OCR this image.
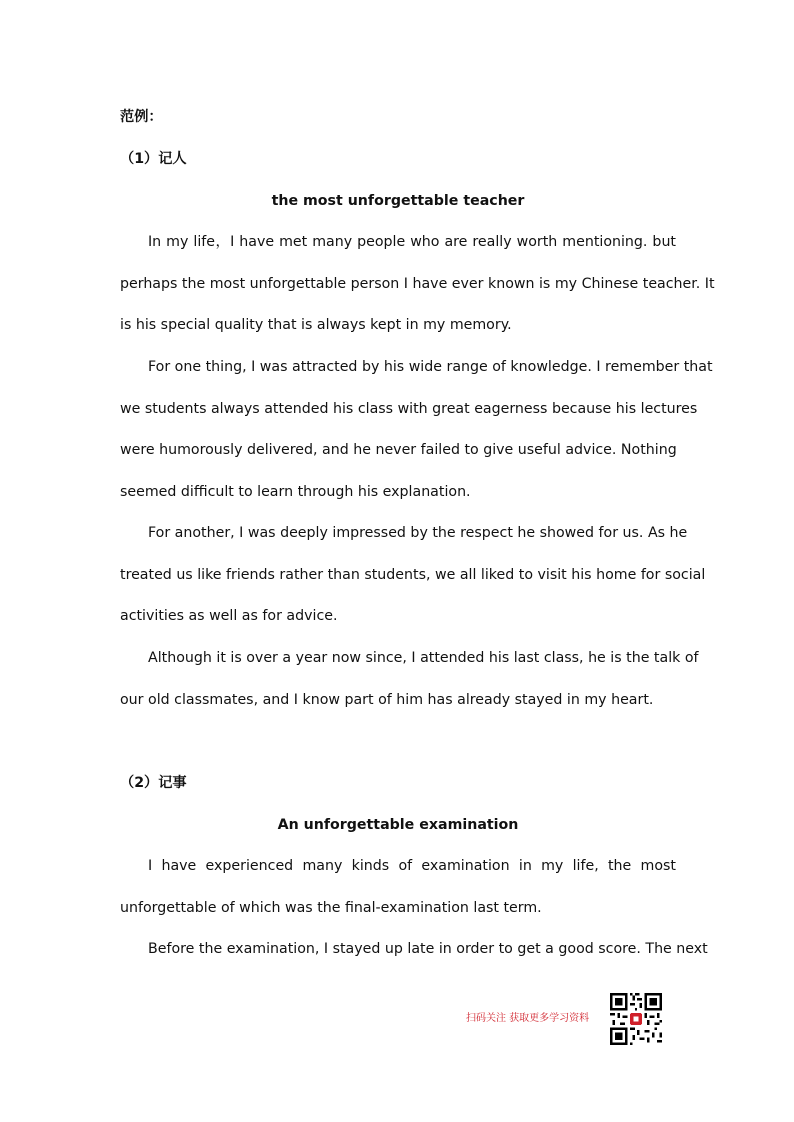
范例：
（1）记人
the most unforgettable teacher
In my life，I have met many people who are really worth mentioning. but
perhaps the most unforgettable person I have ever known is my Chinese teacher. It
is his special quality that is always kept in my memory.
For one thing, I was attracted by his wide range of knowledge. I remember that
we students always attended his class with great eagerness because his lectures
were humorously delivered, and he never failed to give useful advice. Nothing
seemed difficult to learn through his explanation.
For another, I was deeply impressed by the respect he showed for us. As he
treated us like friends rather than students, we all liked to visit his home for social
activities as well as for advice.
Although it is over a year now since, I attended his last class, he is the talk of
our old classmates, and I know part of him has already stayed in my heart.
（2）记事
An unforgettable examination
I have experienced many kinds of examination in my life, the most
unforgettable of which was the final-examination last term.
Before the examination, I stayed up late in order to get a good score. The next
扫码关注 获取更多学习资料
